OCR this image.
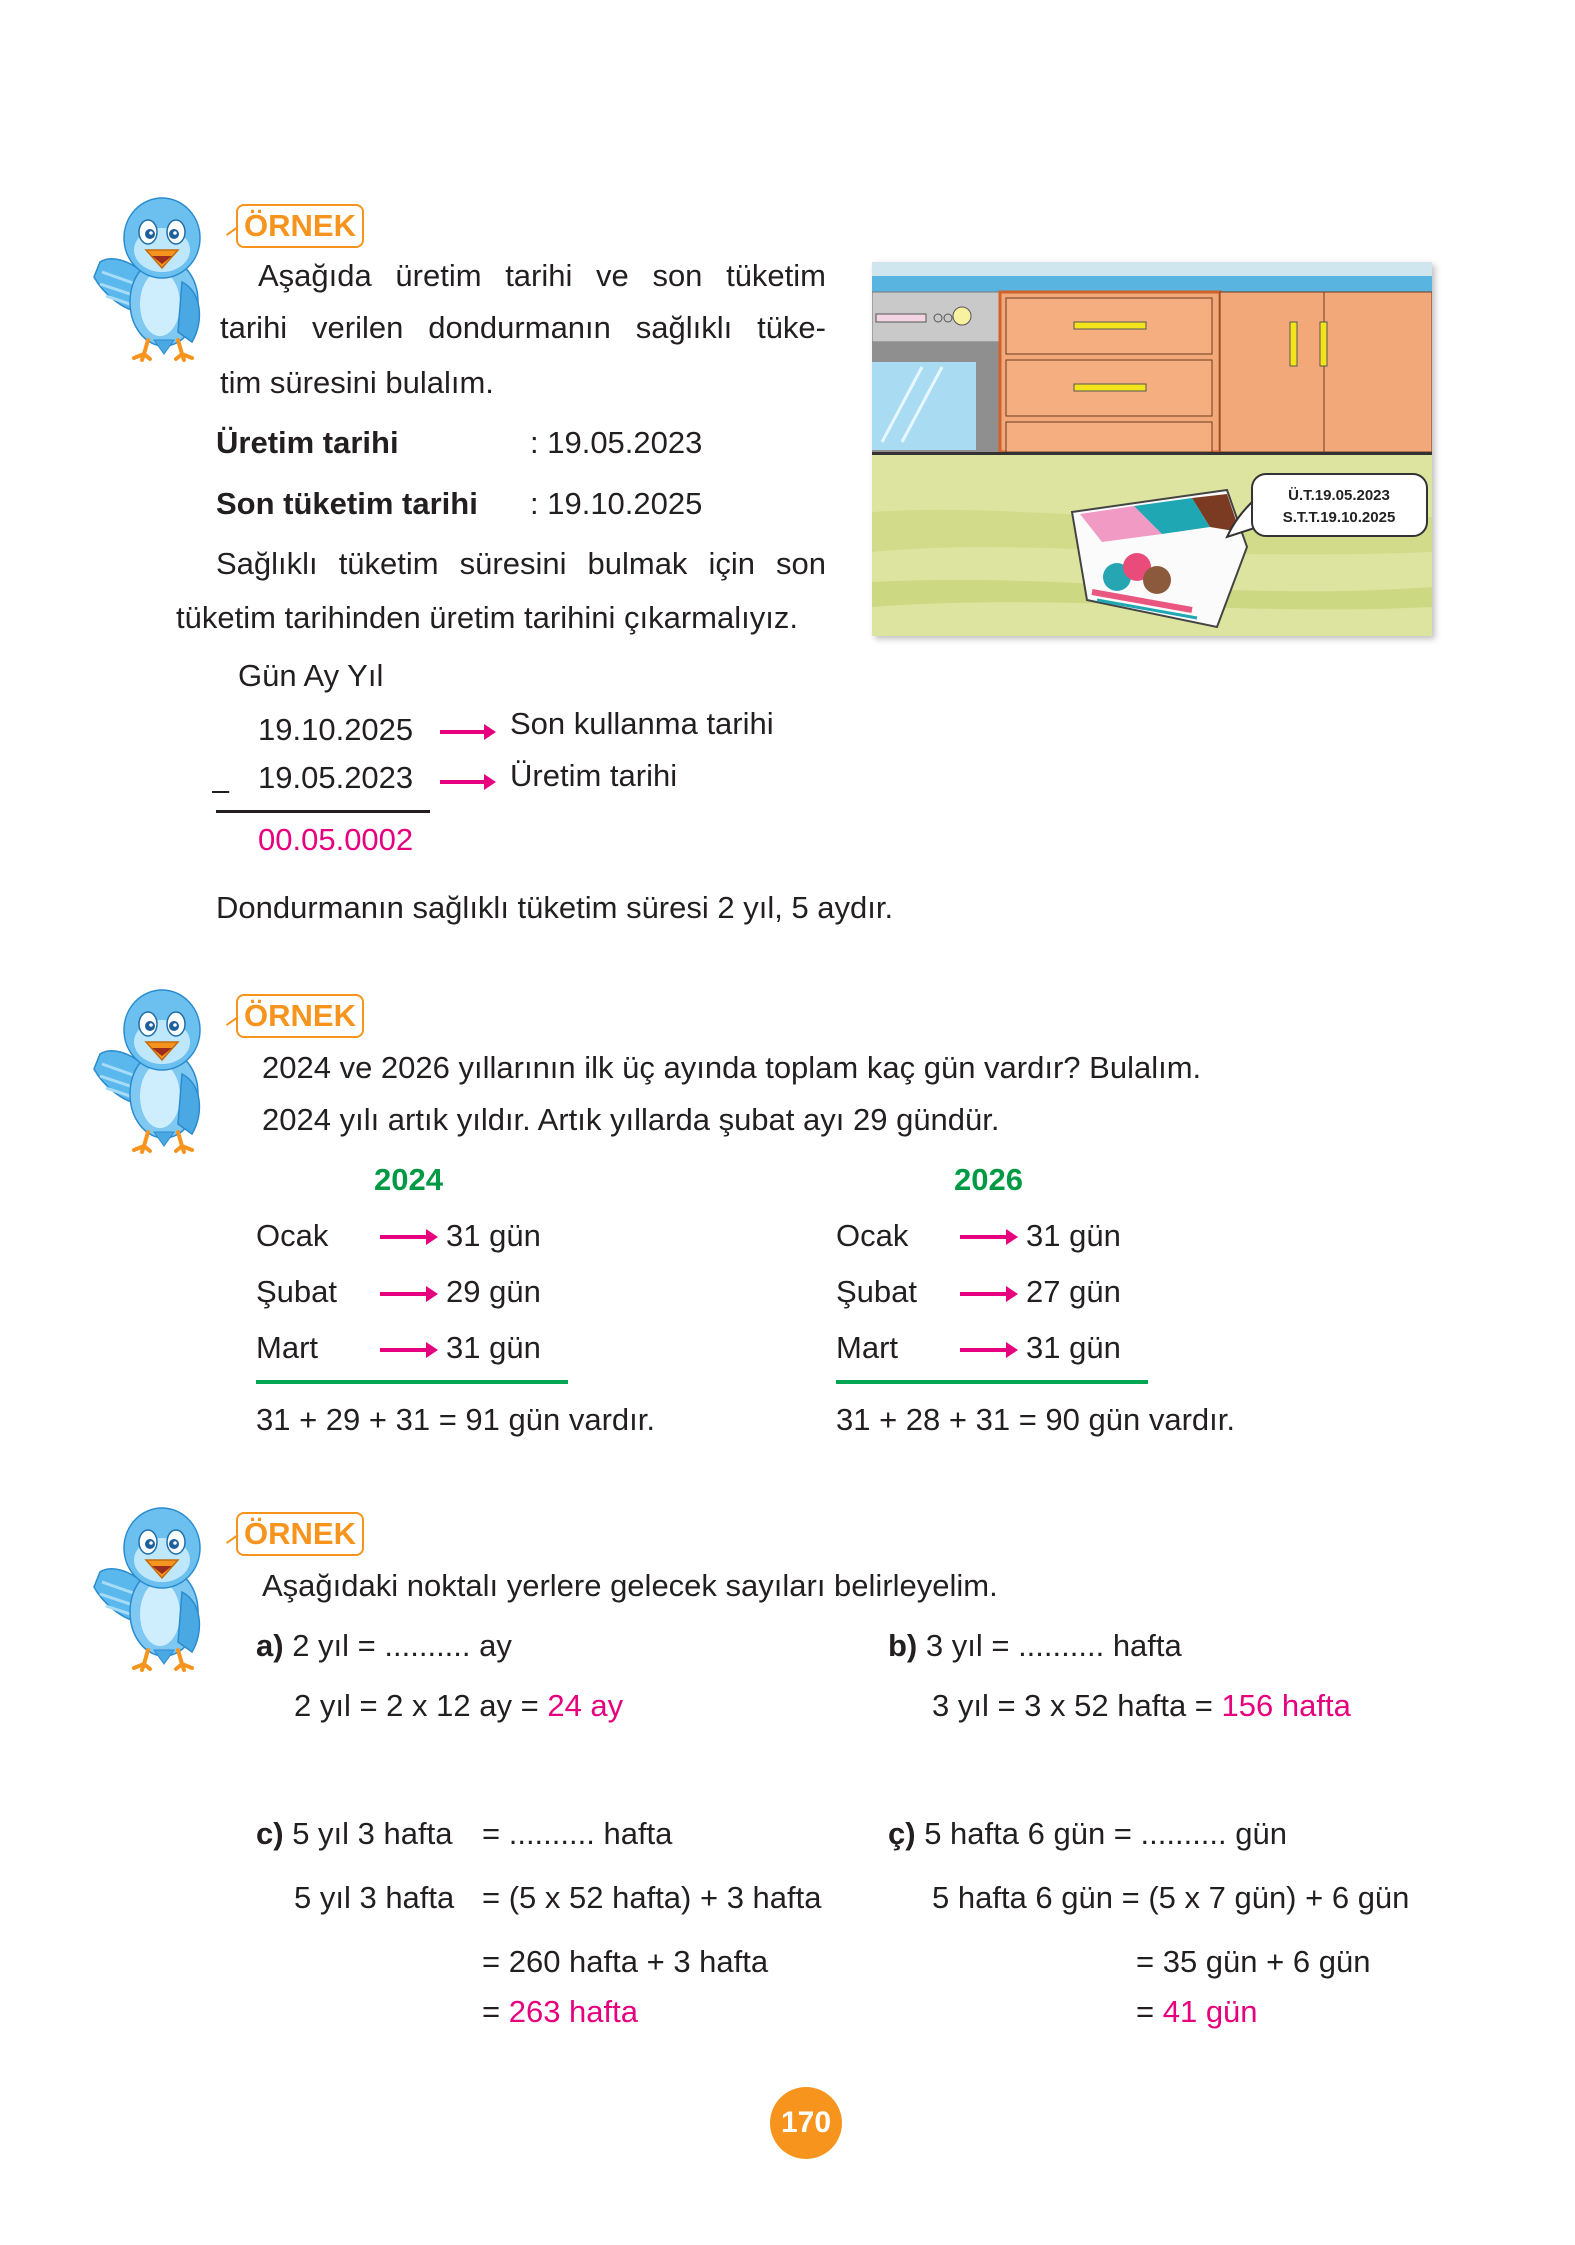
ÖRNEK
Aşağıda üretim tarihi ve son tüketim
tarihi verilen dondurmanın sağlıklı tüke-
tim süresini bulalım.
Üretim tarihi	: 19.05.2023
Son tüketim tarihi : 19.10.2025
Sağlıklı tüketim süresini bulmak için son
tüketim tarihinden üretim tarihini çıkarmalıyız.
Ü.T.19.05.2023
S.T.T.19.10.2025
Gün Ay Yıl
19.10.2025	Son kullanma tarihi
19.05.2023	Üretim tarihi
–
00.05.0002
Dondurmanın sağlıklı tüketim süresi 2 yıl, 5 aydır.
ÖRNEK
2024 ve 2026 yıllarının ilk üç ayında toplam kaç gün vardır? Bulalım.
2024 yılı artık yıldır. Artık yıllarda şubat ayı 29 gündür.
2024
Ocak	31 gün
Şubat	29 gün
Mart	31 gün
31 + 29 + 31 = 91 gün vardır.
2026
Ocak	31 gün
Şubat	27 gün
Mart	31 gün
31 + 28 + 31 = 90 gün vardır.
ÖRNEK
Aşağıdaki noktalı yerlere gelecek sayıları belirleyelim.
a) 2 yıl = .......... ay
2 yıl = 2 x 12 ay = 24 ay
b) 3 yıl = .......... hafta
3 yıl = 3 x 52 hafta = 156 hafta
c) 5 yıl 3 hafta = .......... hafta
5 yıl 3 hafta = (5 x 52 hafta) + 3 hafta
= 260 hafta + 3 hafta
= 263 hafta
ç) 5 hafta 6 gün = .......... gün
5 hafta 6 gün = (5 x 7 gün) + 6 gün
= 35 gün + 6 gün
= 41 gün
170
